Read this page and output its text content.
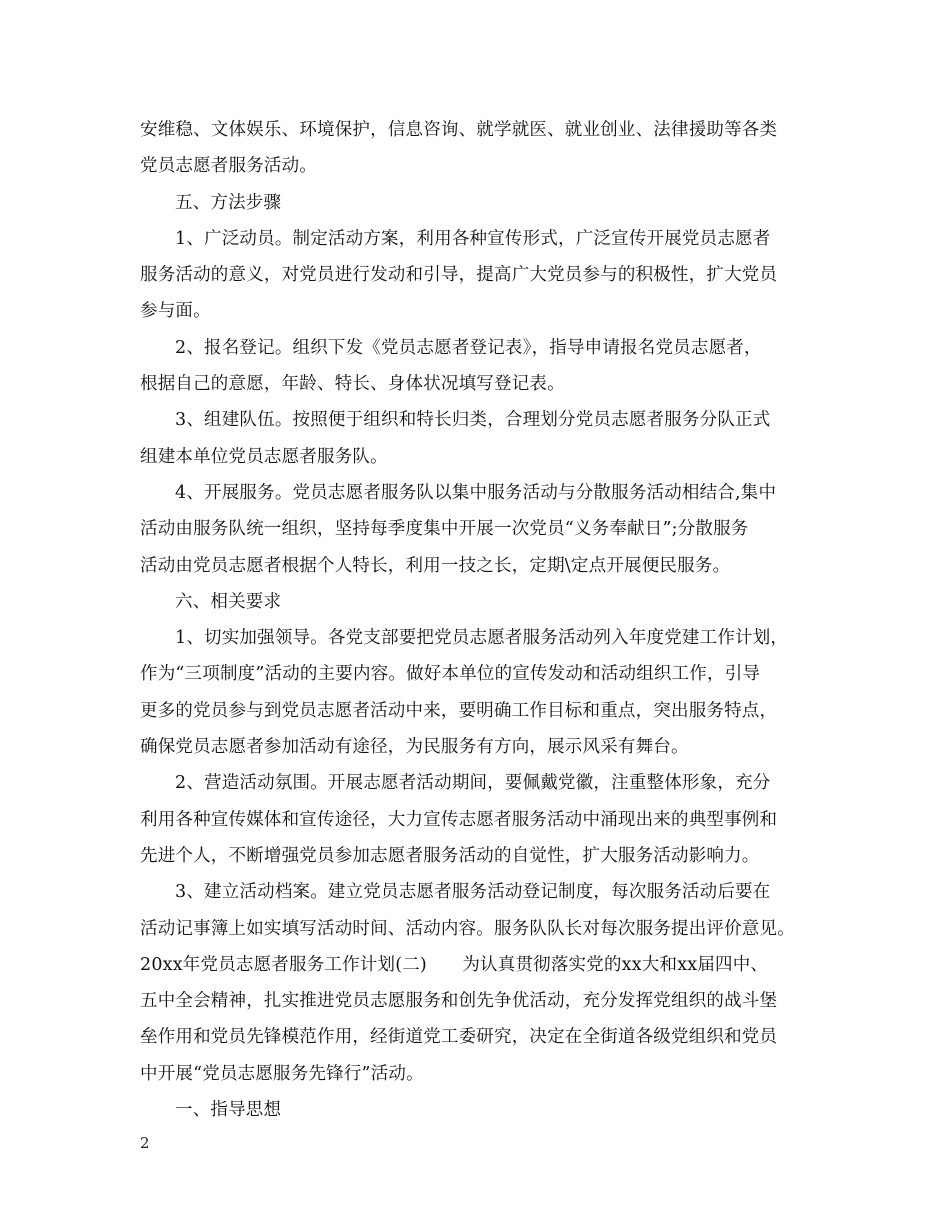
安维稳、文体娱乐、环境保护，信息咨询、就学就医、就业创业、法律援助等各类
党员志愿者服务活动。
五、方法步骤
1、广泛动员。制定活动方案，利用各种宣传形式，广泛宣传开展党员志愿者
服务活动的意义，对党员进行发动和引导，提高广大党员参与的积极性，扩大党员
参与面。
2、报名登记。组织下发《党员志愿者登记表》，指导申请报名党员志愿者，
根据自己的意愿，年龄、特长、身体状况填写登记表。
3、组建队伍。按照便于组织和特长归类，合理划分党员志愿者服务分队正式
组建本单位党员志愿者服务队。
4、开展服务。党员志愿者服务队以集中服务活动与分散服务活动相结合,集中
活动由服务队统一组织，坚持每季度集中开展一次党员“义务奉献日”;分散服务
活动由党员志愿者根据个人特长，利用一技之长，定期\定点开展便民服务。
六、相关要求
1、切实加强领导。各党支部要把党员志愿者服务活动列入年度党建工作计划，
作为“三项制度”活动的主要内容。做好本单位的宣传发动和活动组织工作，引导
更多的党员参与到党员志愿者活动中来，要明确工作目标和重点，突出服务特点，
确保党员志愿者参加活动有途径，为民服务有方向，展示风采有舞台。
2、营造活动氛围。开展志愿者活动期间，要佩戴党徽，注重整体形象，充分
利用各种宣传媒体和宣传途径，大力宣传志愿者服务活动中涌现出来的典型事例和
先进个人，不断增强党员参加志愿者服务活动的自觉性，扩大服务活动影响力。
3、建立活动档案。建立党员志愿者服务活动登记制度，每次服务活动后要在
活动记事簿上如实填写活动时间、活动内容。服务队队长对每次服务提出评价意见。
20xx年党员志愿者服务工作计划(二)　　为认真贯彻落实党的xx大和xx届四中、
五中全会精神，扎实推进党员志愿服务和创先争优活动，充分发挥党组织的战斗堡
垒作用和党员先锋模范作用，经街道党工委研究，决定在全街道各级党组织和党员
中开展“党员志愿服务先锋行”活动。
一、指导思想
2
